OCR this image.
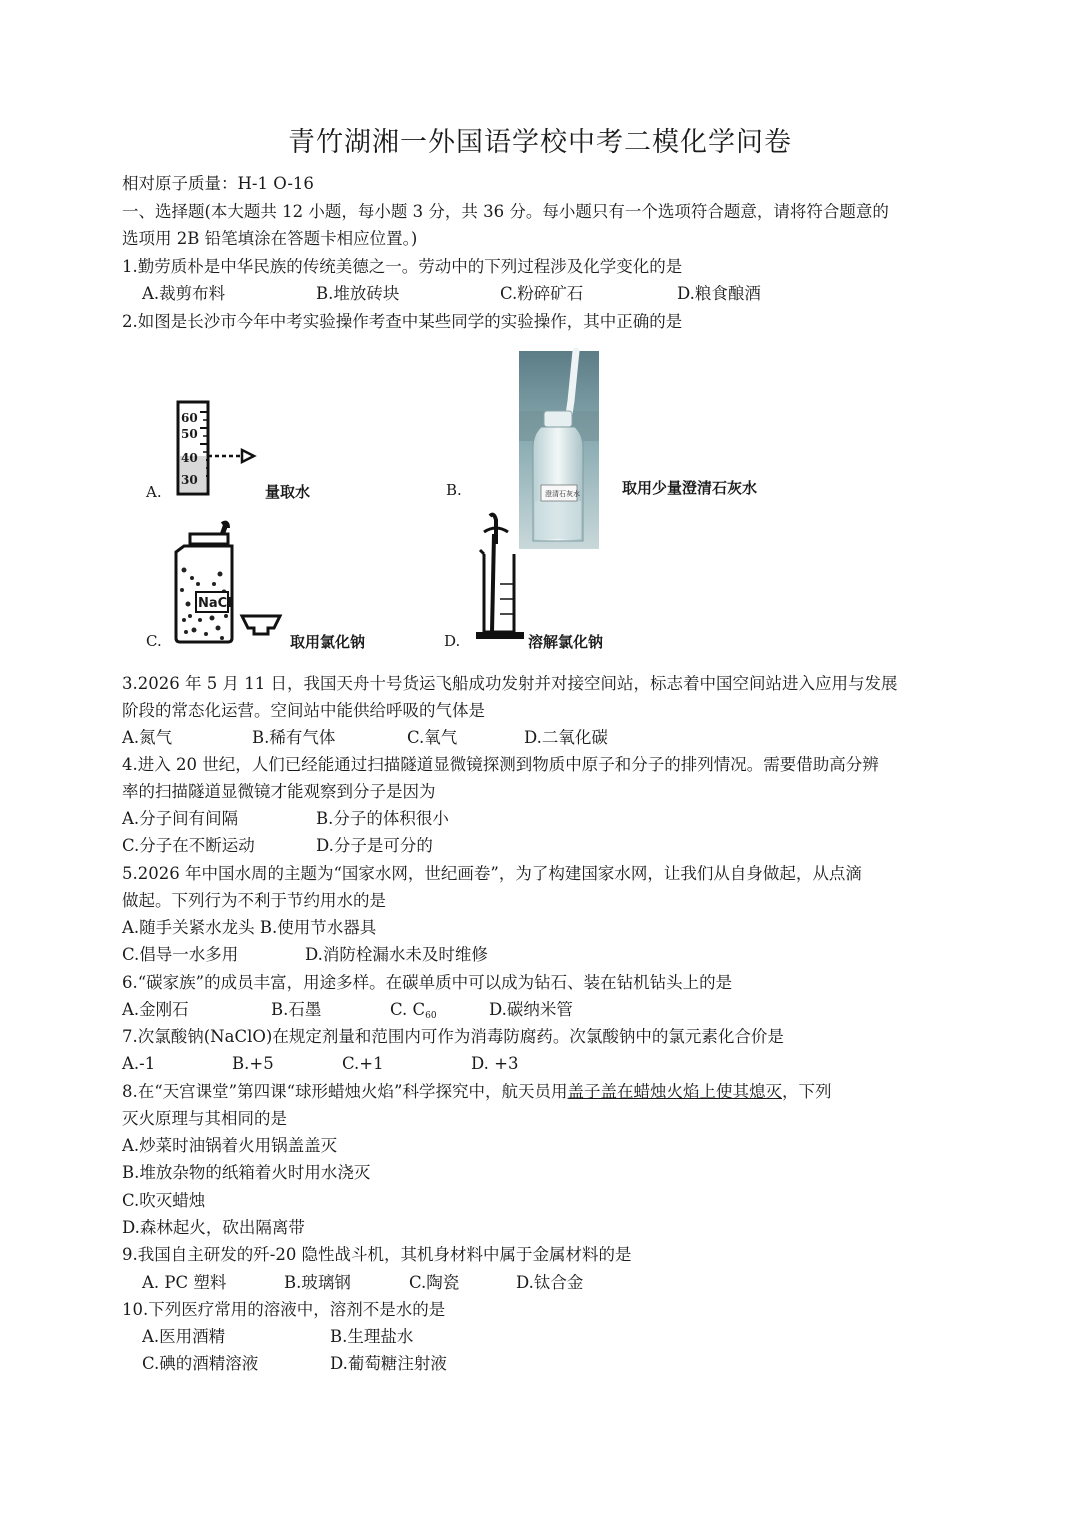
青竹湖湘一外国语学校中考二模化学问卷
相对原子质量：H-1 O-16
一、选择题(本大题共 12 小题，每小题 3 分，共 36 分。每小题只有一个选项符合题意，请将符合题意的
选项用 2B 铅笔填涂在答题卡相应位置。)
1.勤劳质朴是中华民族的传统美德之一。劳动中的下列过程涉及化学变化的是
A.裁剪布料	B.堆放砖块	C.粉碎矿石	D.粮食酿酒
2.如图是长沙市今年中考实验操作考查中某些同学的实验操作，其中正确的是
A.
60
50
40
30
量取水	B.	澄清石灰水	取用少量澄清石灰水
C.
NaCl
取用氯化钠	D.	溶解氯化钠
3.2026 年 5 月 11 日，我国天舟十号货运飞船成功发射并对接空间站，标志着中国空间站进入应用与发展
阶段的常态化运营。空间站中能供给呼吸的气体是
A.氮气	B.稀有气体	C.氧气	D.二氧化碳
4.进入 20 世纪，人们已经能通过扫描隧道显微镜探测到物质中原子和分子的排列情况。需要借助高分辨
率的扫描隧道显微镜才能观察到分子是因为
A.分子间有间隔	B.分子的体积很小
C.分子在不断运动	D.分子是可分的
5.2026 年中国水周的主题为“国家水网，世纪画卷”，为了构建国家水网，让我们从自身做起，从点滴
做起。下列行为不利于节约用水的是
A.随手关紧水龙头 B.使用节水器具
C.倡导一水多用	D.消防栓漏水未及时维修
6.“碳家族”的成员丰富，用途多样。在碳单质中可以成为钻石、装在钻机钻头上的是
A.金刚石	B.石墨	C. $C_{60}$	D.碳纳米管
7.次氯酸钠(NaClO)在规定剂量和范围内可作为消毒防腐药。次氯酸钠中的氯元素化合价是
A.-1	B.+5	C.+1	D. +3
8.在“天宫课堂”第四课“球形蜡烛火焰”科学探究中，航天员用盖子盖在蜡烛火焰上使其熄灭，下列
灭火原理与其相同的是
A.炒菜时油锅着火用锅盖盖灭
B.堆放杂物的纸箱着火时用水浇灭
C.吹灭蜡烛
D.森林起火，砍出隔离带
9.我国自主研发的歼-20 隐性战斗机，其机身材料中属于金属材料的是
A. PC 塑料	B.玻璃钢	C.陶瓷	D.钛合金
10.下列医疗常用的溶液中，溶剂不是水的是
A.医用酒精	B.生理盐水
C.碘的酒精溶液	D.葡萄糖注射液
